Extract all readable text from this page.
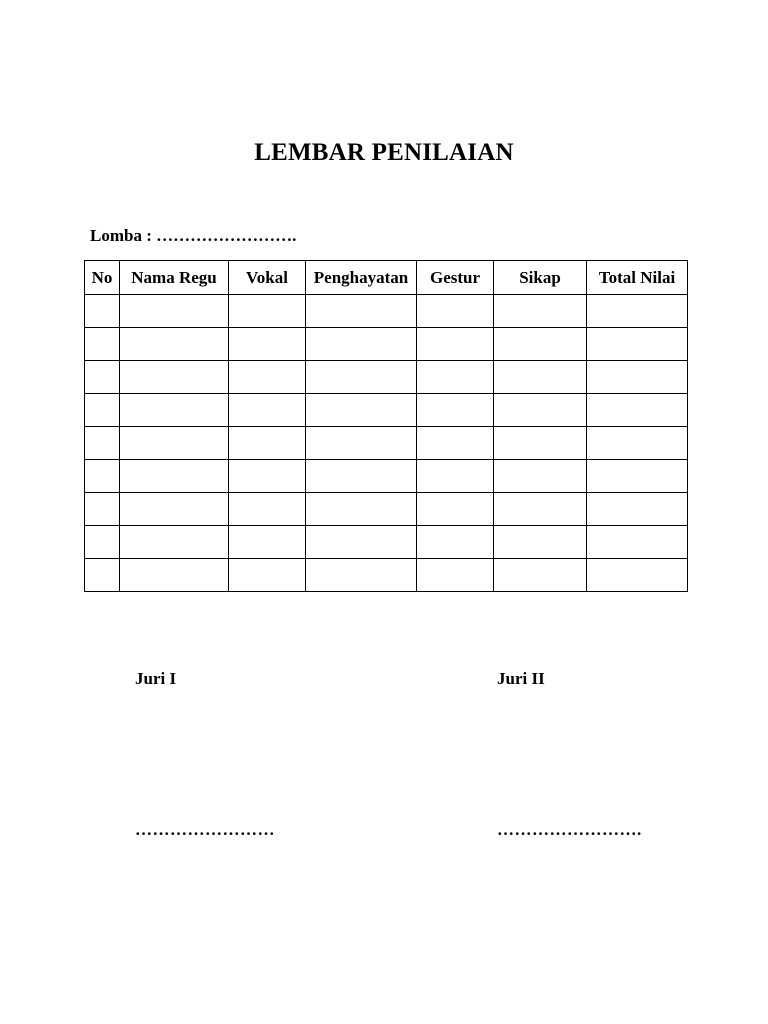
LEMBAR PENILAIAN
Lomba : …………………….
No	Nama Regu	Vokal	Penghayatan	Gestur	Sikap	Total Nilai

Juri I	Juri II
……………………	…………………….
